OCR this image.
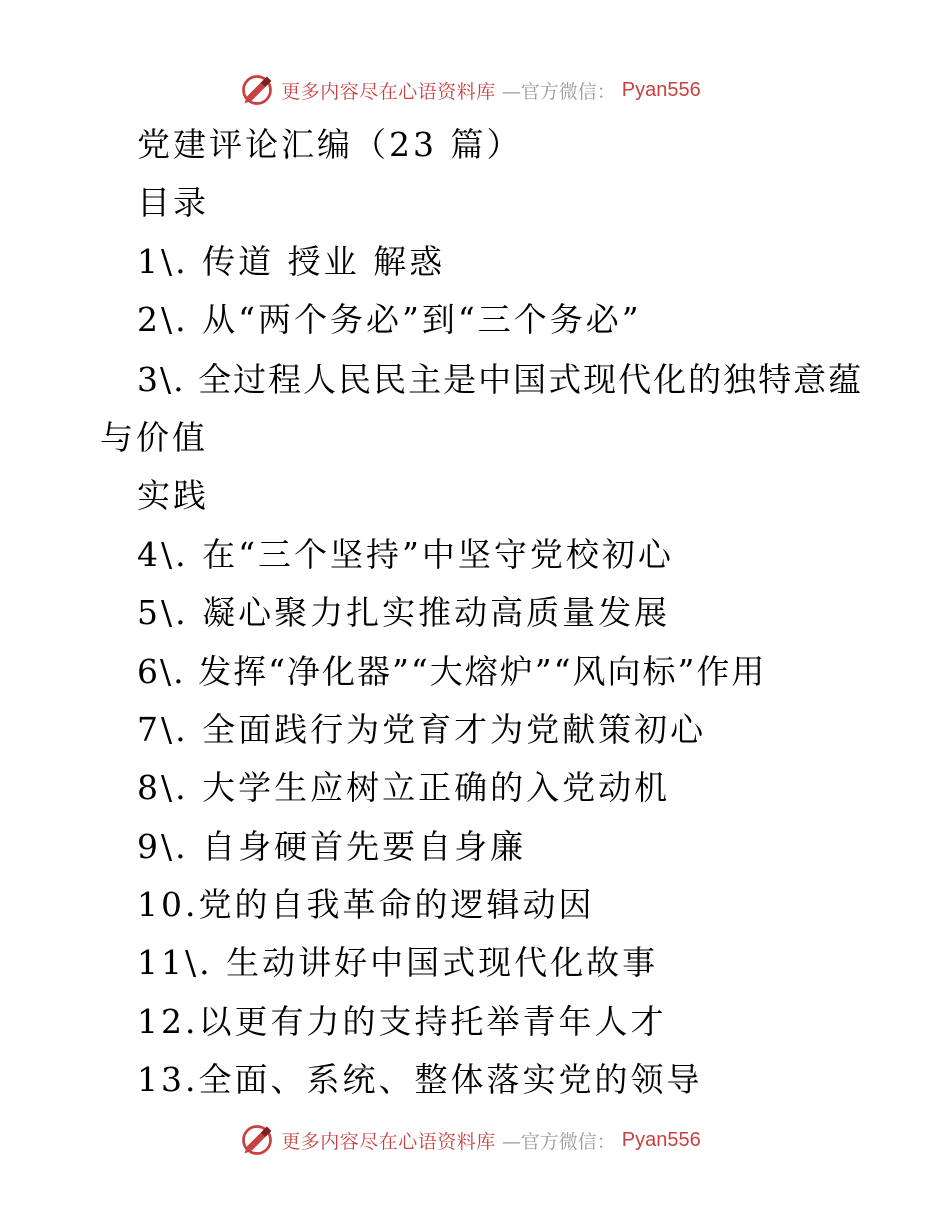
更多内容尽在心语资料库 —官方微信： Pyan556
党建评论汇编（23 篇）
目录
1\. 传道 授业 解惑
2\. 从“两个务必”到“三个务必”
3\. 全过程人民民主是中国式现代化的独特意蕴
与价值
实践
4\. 在“三个坚持”中坚守党校初心
5\. 凝心聚力扎实推动高质量发展
6\. 发挥“净化器”“大熔炉”“风向标”作用
7\. 全面践行为党育才为党献策初心
8\. 大学生应树立正确的入党动机
9\. 自身硬首先要自身廉
10.党的自我革命的逻辑动因
11\. 生动讲好中国式现代化故事
12.以更有力的支持托举青年人才
13.全面、系统、整体落实党的领导
更多内容尽在心语资料库 —官方微信： Pyan556
